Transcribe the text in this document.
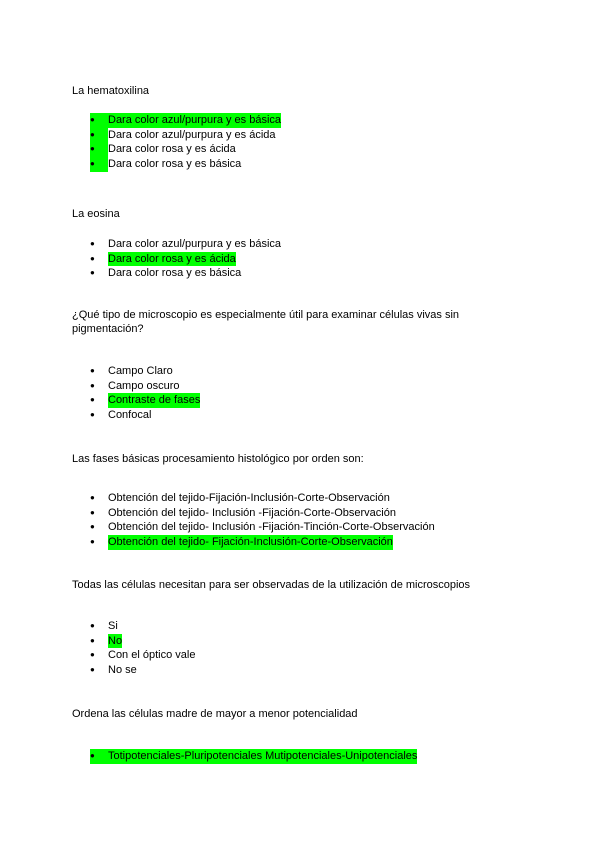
La hematoxilina

● Dara color azul/purpura y es básica
● Dara color azul/purpura y es ácida
● Dara color rosa y es ácida
● Dara color rosa y es básica

La eosina

● Dara color azul/purpura y es básica
● Dara color rosa y es ácida
● Dara color rosa y es básica

¿Qué tipo de microscopio es especialmente útil para examinar células vivas sin pigmentación?

● Campo Claro
● Campo oscuro
● Contraste de fases
● Confocal

Las fases básicas procesamiento histológico por orden son:

● Obtención del tejido-Fijación-Inclusión-Corte-Observación
● Obtención del tejido- Inclusión -Fijación-Corte-Observación
● Obtención del tejido- Inclusión -Fijación-Tinción-Corte-Observación
● Obtención del tejido- Fijación-Inclusión-Corte-Observación

Todas las células necesitan para ser observadas de la utilización de microscopios

● Si
● No
● Con el óptico vale
● No se

Ordena las células madre de mayor a menor potencialidad

● Totipotenciales-Pluripotenciales Mutipotenciales-Unipotenciales
